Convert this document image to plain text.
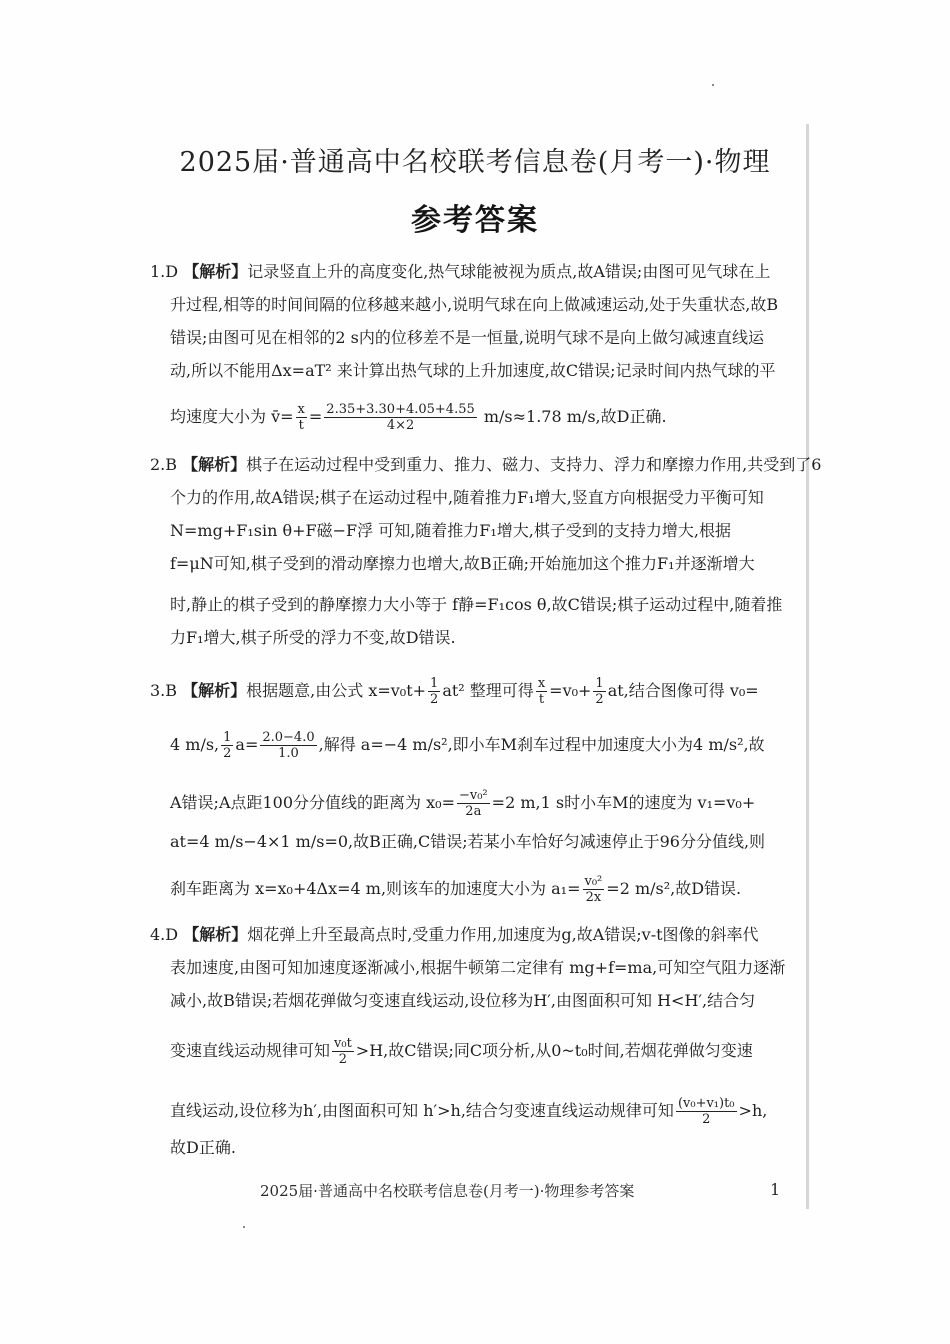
2025届·普通高中名校联考信息卷(月考一)·物理
参考答案
1.D 【解析】记录竖直上升的高度变化,热气球能被视为质点,故A错误;由图可见气球在上
升过程,相等的时间间隔的位移越来越小,说明气球在向上做减速运动,处于失重状态,故B
错误;由图可见在相邻的2 s内的位移差不是一恒量,说明气球不是向上做匀减速直线运
动,所以不能用Δx=aT² 来计算出热气球的上升加速度,故C错误;记录时间内热气球的平
均速度大小为 v̄= $\frac{x}{t} = \frac{2.35+3.30+4.05+4.55}{4\times 2} m/s\approx 1.78$ m/s,故D正确.
2.B 【解析】棋子在运动过程中受到重力、推力、磁力、支持力、浮力和摩擦力作用,共受到了6
个力的作用,故A错误;棋子在运动过程中,随着推力F₁增大,竖直方向根据受力平衡可知
N=mg+F₁sin θ+F磁−F浮 可知,随着推力F₁增大,棋子受到的支持力增大,根据
f=μN可知,棋子受到的滑动摩擦力也增大,故B正确;开始施加这个推力F₁并逐渐增大
时,静止的棋子受到的静摩擦力大小等于 f静=F₁cos θ,故C错误;棋子运动过程中,随着推
力F₁增大,棋子所受的浮力不变,故D错误.
3.B 【解析】根据题意,由公式 $x=v_0t+ \frac{1}{2} at^2$ 整理可得 $\frac{x}{t} =v_0+ \frac{1}{2}$ at,结合图像可得 v₀=
4 m/s, $\frac{1}{2} a= \frac{2.0-4.0}{1.0}$ ,解得 a=−4 m/s²,即小车M刹车过程中加速度大小为4 m/s²,故
A错误;A点距100分分值线的距离为 $x_0= \frac{\text{−v₀²}}{2a} =2$ m,1 s时小车M的速度为 v₁=v₀+
at=4 m/s−4×1 m/s=0,故B正确,C错误;若某小车恰好匀减速停止于96分分值线,则
刹车距离为 x=x₀+4Δx=4 m,则该车的加速度大小为 $a_1= \frac{\text{v₀²}}{2x} =2$ m/s²,故D错误.
4.D 【解析】烟花弹上升至最高点时,受重力作用,加速度为g,故A错误;v-t图像的斜率代
表加速度,由图可知加速度逐渐减小,根据牛顿第二定律有 mg+f=ma,可知空气阻力逐渐
减小,故B错误;若烟花弹做匀变速直线运动,设位移为H′,由图面积可知 H<H′,结合匀
变速直线运动规律可知 $\frac{\text{v₀t}}{2} >H$,故C错误;同C项分析,从0~t₀时间,若烟花弹做匀变速
直线运动,设位移为h′,由图面积可知 h′>h,结合匀变速直线运动规律可知 $\frac{\text{(v₀+v₁)t₀}}{2} >h$,
故D正确.
2025届·普通高中名校联考信息卷(月考一)·物理参考答案	1
